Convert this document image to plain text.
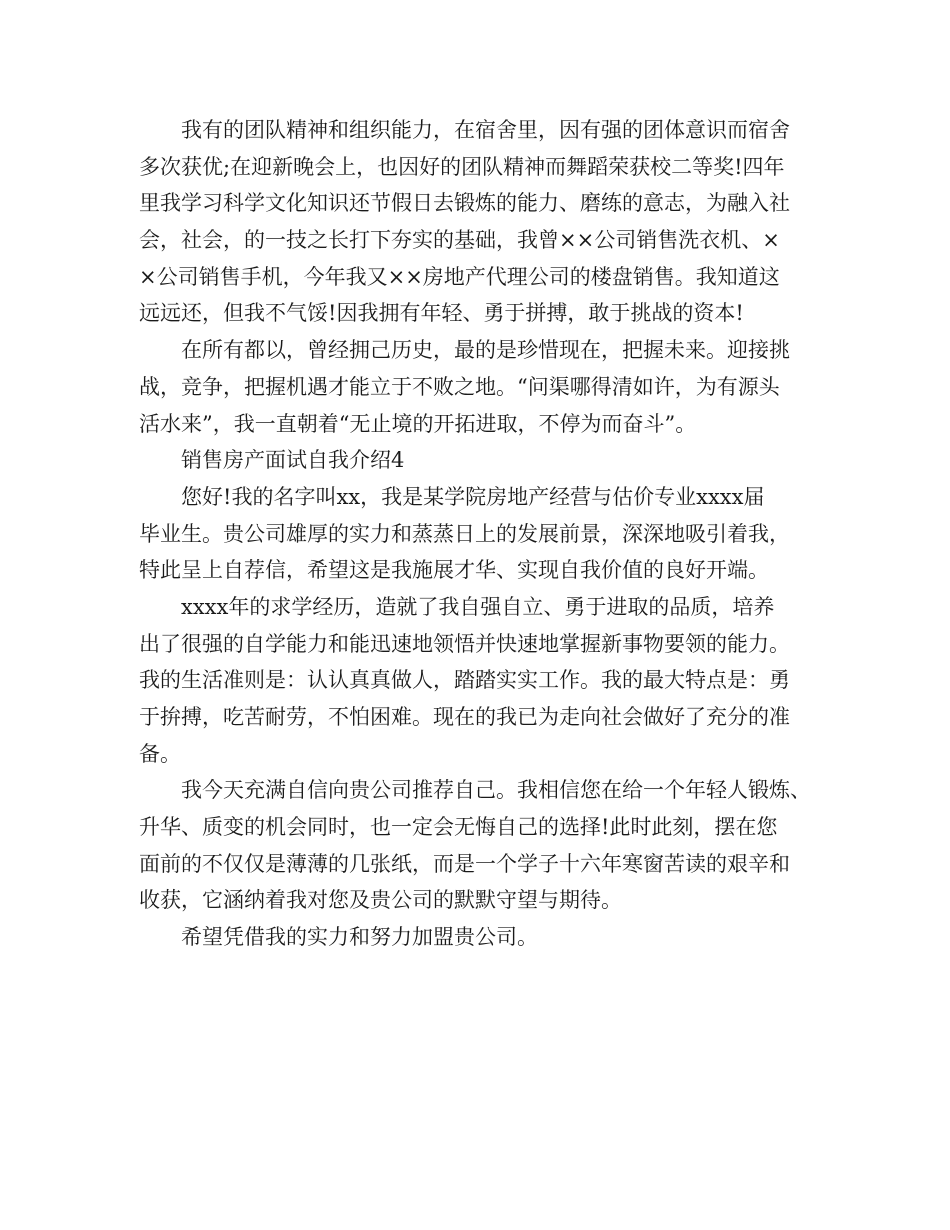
我有的团队精神和组织能力，在宿舍里，因有强的团体意识而宿舍
多次获优;在迎新晚会上，也因好的团队精神而舞蹈荣获校二等奖!四年
里我学习科学文化知识还节假日去锻炼的能力、磨练的意志，为融入社
会，社会，的一技之长打下夯实的基础，我曾××公司销售洗衣机、×
×公司销售手机，今年我又××房地产代理公司的楼盘销售。我知道这
远远还，但我不气馁!因我拥有年轻、勇于拼搏，敢于挑战的资本!
在所有都以，曾经拥己历史，最的是珍惜现在，把握未来。迎接挑
战，竞争，把握机遇才能立于不败之地。“问渠哪得清如许，为有源头
活水来”，我一直朝着“无止境的开拓进取，不停为而奋斗”。
销售房产面试自我介绍4
您好!我的名字叫xx，我是某学院房地产经营与估价专业xxxx届
毕业生。贵公司雄厚的实力和蒸蒸日上的发展前景，深深地吸引着我，
特此呈上自荐信，希望这是我施展才华、实现自我价值的良好开端。
xxxx年的求学经历，造就了我自强自立、勇于进取的品质，培养
出了很强的自学能力和能迅速地领悟并快速地掌握新事物要领的能力。
我的生活准则是：认认真真做人，踏踏实实工作。我的最大特点是：勇
于拚搏，吃苦耐劳，不怕困难。现在的我已为走向社会做好了充分的准
备。
我今天充满自信向贵公司推荐自己。我相信您在给一个年轻人锻炼、
升华、质变的机会同时，也一定会无悔自己的选择!此时此刻，摆在您
面前的不仅仅是薄薄的几张纸，而是一个学子十六年寒窗苦读的艰辛和
收获，它涵纳着我对您及贵公司的默默守望与期待。
希望凭借我的实力和努力加盟贵公司。
